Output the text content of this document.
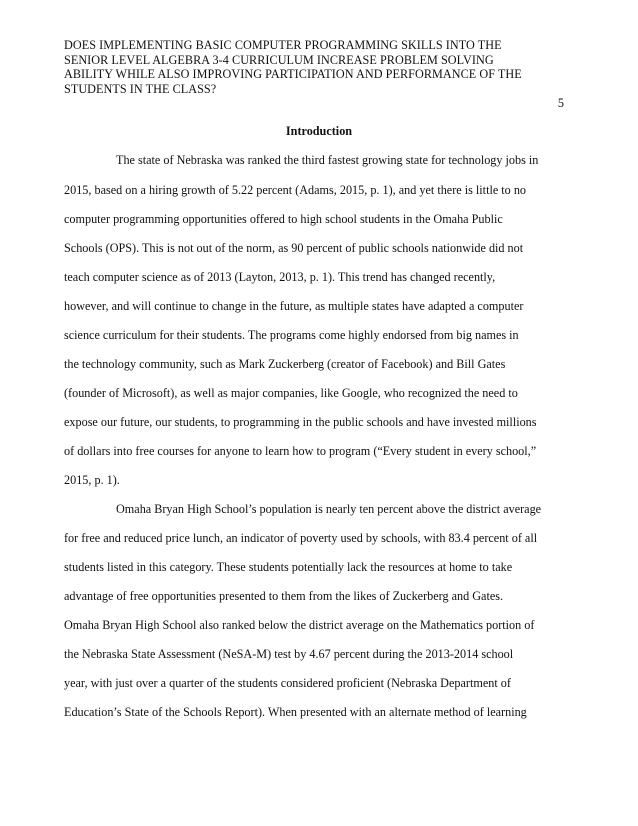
DOES IMPLEMENTING BASIC COMPUTER PROGRAMMING SKILLS INTO THE
SENIOR LEVEL ALGEBRA 3-4 CURRICULUM INCREASE PROBLEM SOLVING
ABILITY WHILE ALSO IMPROVING PARTICIPATION AND PERFORMANCE OF THE
STUDENTS IN THE CLASS?
5
Introduction
The state of Nebraska was ranked the third fastest growing state for technology jobs in
2015, based on a hiring growth of 5.22 percent (Adams, 2015, p. 1), and yet there is little to no
computer programming opportunities offered to high school students in the Omaha Public
Schools (OPS). This is not out of the norm, as 90 percent of public schools nationwide did not
teach computer science as of 2013 (Layton, 2013, p. 1). This trend has changed recently,
however, and will continue to change in the future, as multiple states have adapted a computer
science curriculum for their students. The programs come highly endorsed from big names in
the technology community, such as Mark Zuckerberg (creator of Facebook) and Bill Gates
(founder of Microsoft), as well as major companies, like Google, who recognized the need to
expose our future, our students, to programming in the public schools and have invested millions
of dollars into free courses for anyone to learn how to program (“Every student in every school,”
2015, p. 1).
Omaha Bryan High School’s population is nearly ten percent above the district average
for free and reduced price lunch, an indicator of poverty used by schools, with 83.4 percent of all
students listed in this category. These students potentially lack the resources at home to take
advantage of free opportunities presented to them from the likes of Zuckerberg and Gates.
Omaha Bryan High School also ranked below the district average on the Mathematics portion of
the Nebraska State Assessment (NeSA-M) test by 4.67 percent during the 2013-2014 school
year, with just over a quarter of the students considered proficient (Nebraska Department of
Education’s State of the Schools Report). When presented with an alternate method of learning
